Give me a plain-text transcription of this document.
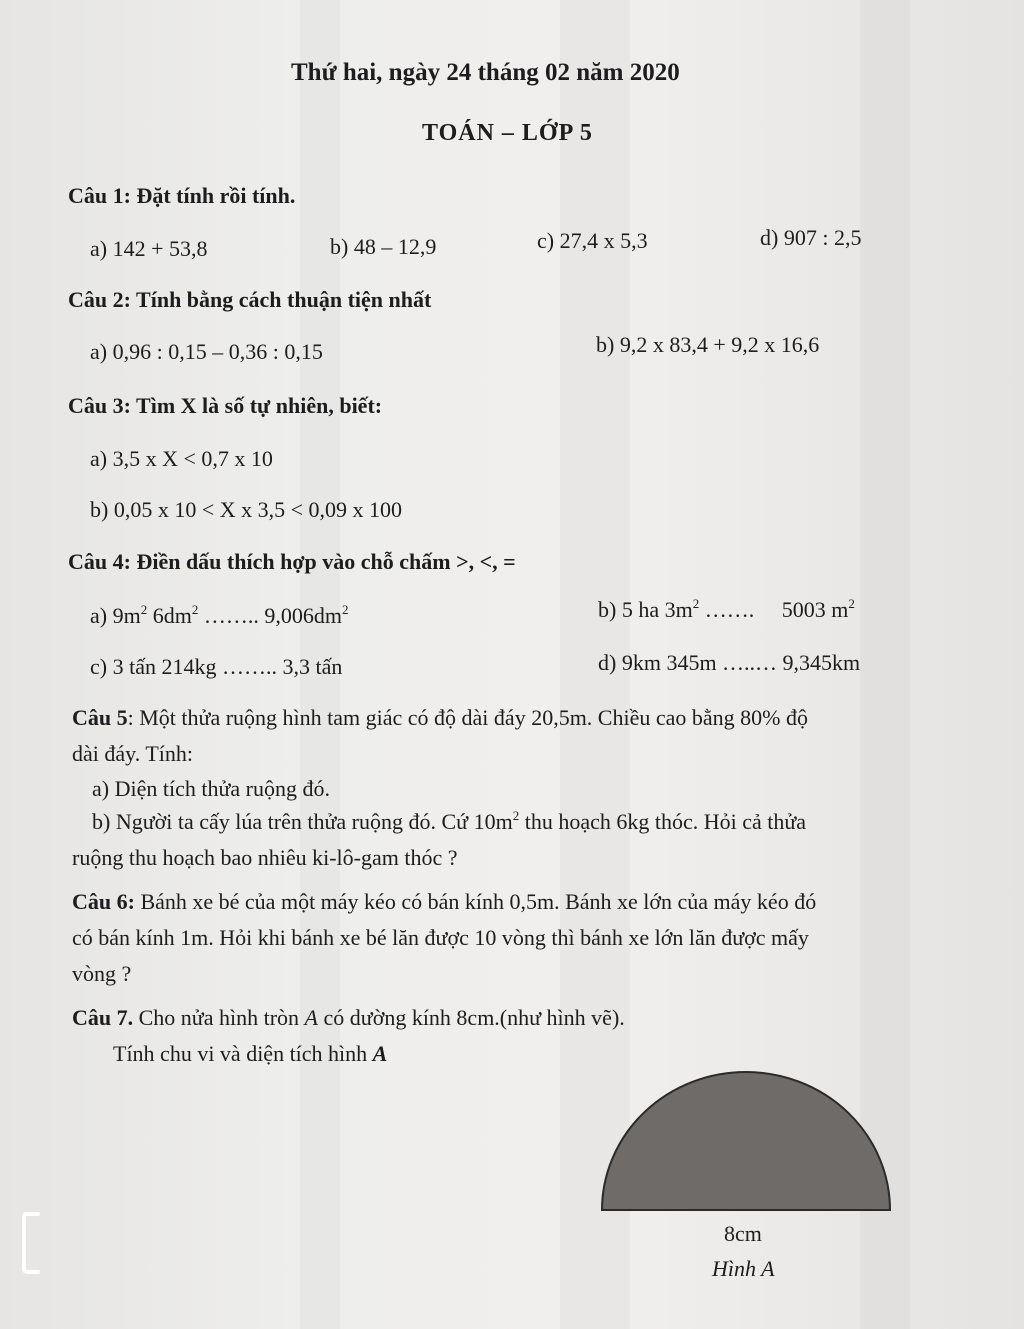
Thứ hai, ngày 24 tháng 02 năm 2020
TOÁN – LỚP 5
Câu 1: Đặt tính rồi tính.
a) 142 + 53,8	b) 48 – 12,9	c) 27,4 x 5,3	d) 907 : 2,5
Câu 2: Tính bằng cách thuận tiện nhất
a) 0,96 : 0,15 – 0,36 : 0,15	b) 9,2 x 83,4 + 9,2 x 16,6
Câu 3: Tìm X là số tự nhiên, biết:
a) 3,5 x X < 0,7 x 10
b) 0,05 x 10 < X x 3,5 < 0,09 x 100
Câu 4: Điền dấu thích hợp vào chỗ chấm >, <, =
a) $9m^2$ $6dm^2$ …….. $9,006dm^2$	b) 5 ha $3m^2$ ……. 5003 $m^2$
c) 3 tấn 214kg …….. 3,3 tấn	d) 9km 345m …..… 9,345km
Câu 5: Một thửa ruộng hình tam giác có độ dài đáy 20,5m. Chiều cao bằng 80% độ
dài đáy. Tính:
a) Diện tích thửa ruộng đó.
b) Người ta cấy lúa trên thửa ruộng đó. Cứ $10m^2$ thu hoạch 6kg thóc. Hỏi cả thửa
ruộng thu hoạch bao nhiêu ki-lô-gam thóc ?
Câu 6: Bánh xe bé của một máy kéo có bán kính 0,5m. Bánh xe lớn của máy kéo đó
có bán kính 1m. Hỏi khi bánh xe bé lăn được 10 vòng thì bánh xe lớn lăn được mấy
vòng ?
Câu 7. Cho nửa hình tròn A có dường kính 8cm.(như hình vẽ).
Tính chu vi và diện tích hình A
8cm
Hình A
